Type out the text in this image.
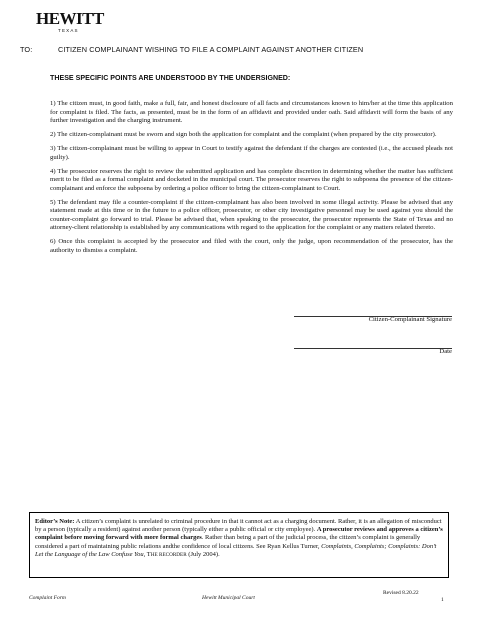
HEWITT
TEXAS
TO:	CITIZEN COMPLAINANT WISHING TO FILE A COMPLAINT AGAINST ANOTHER CITIZEN
THESE SPECIFIC POINTS ARE UNDERSTOOD BY THE UNDERSIGNED:

1) The citizen must, in good faith, make a full, fair, and honest disclosure of all facts and circumstances known to him/her at the time this application for complaint is filed. The facts, as presented, must be in the form of an affidavit and provided under oath. Said affidavit will form the basis of any further investigation and the charging instrument.

2) The citizen-complainant must be sworn and sign both the application for complaint and the complaint (when prepared by the city prosecutor).

3) The citizen-complainant must be willing to appear in Court to testify against the defendant if the charges are contested (i.e., the accused pleads not guilty).

4) The prosecutor reserves the right to review the submitted application and has complete discretion in determining whether the matter has sufficient merit to be filed as a formal complaint and docketed in the municipal court. The prosecutor reserves the right to subpoena the presence of the citizen-complainant and enforce the subpoena by ordering a police officer to bring the citizen-complainant to Court.

5) The defendant may file a counter-complaint if the citizen-complainant has also been involved in some illegal activity. Please be advised that any statement made at this time or in the future to a police officer, prosecutor, or other city investigative personnel may be used against you should the counter-complaint go forward to trial. Please be advised that, when speaking to the prosecutor, the prosecutor represents the State of Texas and no attorney-client relationship is established by any communications with regard to the application for the complaint or any matters related thereto.

6) Once this complaint is accepted by the prosecutor and filed with the court, only the judge, upon recommendation of the prosecutor, has the authority to dismiss a complaint.

Citizen-Complainant Signature
Date
Editor’s Note: A citizen’s complaint is unrelated to criminal procedure in that it cannot act as a charging document. Rather, it is an allegation of misconduct by a person (typically a resident) against another person (typically either a public official or city employee). A prosecutor reviews and approves a citizen’s complaint before moving forward with more formal charges. Rather than being a part of the judicial process, the citizen’s complaint is generally considered a part of maintaining public relations andthe confidence of local citizens. See Ryan Kellus Turner, Complaints, Complaints; Complaints: Don’t Let the Language of the Law Confuse You, THE RECORDER (July 2004).
Complaint Form	Hewitt Municipal Court
Revised 8.20.22
1
